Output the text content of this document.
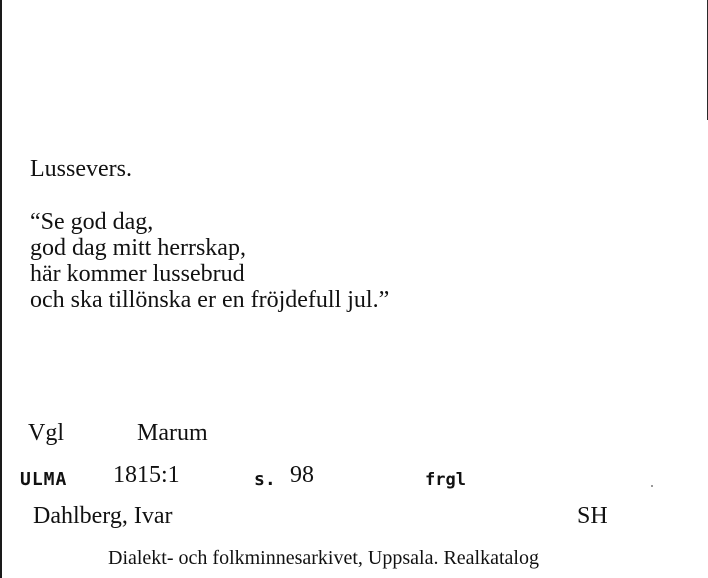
Lussevers.
“Se god dag,
god dag mitt herrskap,
här kommer lussebrud
och ska tillönska er en fröjdefull jul.”
Vgl	Marum
ULMA 1815:1	s. 98	frgl
Dahlberg, Ivar	SH
Dialekt- och folkminnesarkivet, Uppsala. Realkatalog
